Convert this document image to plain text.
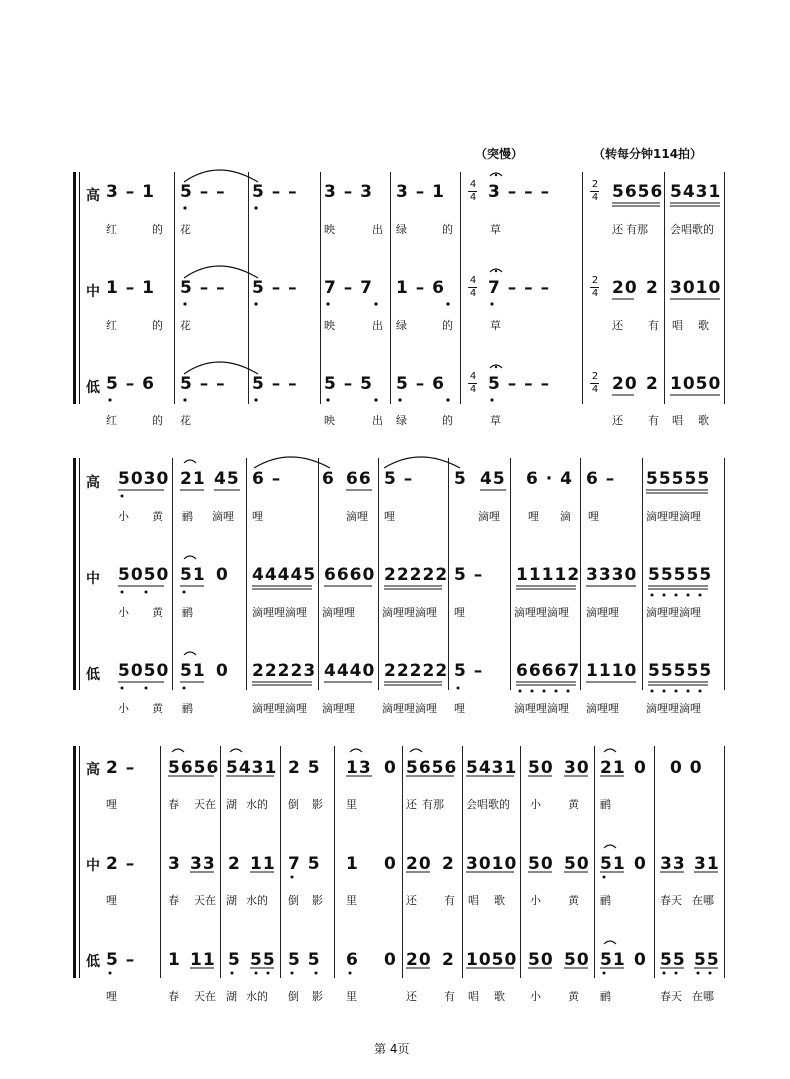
（突慢）	（转每分钟114拍）
高 3 – 1 5 – – 5 – – 3 – 3 3 – 1 4
4 3 – – –	2
4 5656 5431
红	的 花	映	出 绿	的	草	还 有那 会唱歌的
中 1 – 1 5 – – 5 – – 7 – 7 1 – 6 4
4 7 – – –	2
4 20 2 3010
红	的 花	映	出 绿	的	草	还 有 唱 歌
低 5 – 6 5 – – 5 – – 5 – 5 5 – 6 4
4 5 – – –	2
4 20 2 1050
红	的 花	映	出 绿	的	草	还 有 唱 歌
高 5030 21 45 6 – 6 66 5 – 5 45 6 · 4 6 – 55555
小 黄 鹂 滴哩 哩	滴哩 哩	滴哩	哩 滴 哩	滴哩哩滴哩
中 5050 51 0 44445 6660 22222 5 – 11112 3330 55555
小 黄 鹂	滴哩哩滴哩 滴哩哩 滴哩哩滴哩 哩	滴哩哩滴哩 滴哩哩 滴哩哩滴哩
低 5050 51 0 22223 4440 22222 5 – 66667 1110 55555
小 黄 鹂	滴哩哩滴哩 滴哩哩 滴哩哩滴哩 哩	滴哩哩滴哩 滴哩哩 滴哩哩滴哩
高 2 – 5656 5431 2 5 13 0 5656 5431 50 30 21 0 0 0
哩	春 天在 湖 水的 倒 影 里	还 有那 会唱歌的 小 黄 鹂
中 2 – 3 33 2 11 7 5 1 0 20 2 3010 50 50 51 0 33 31
哩	春 天在 湖 水的 倒 影 里	还 有 唱 歌 小 黄 鹂	春天 在哪
低 5 – 1 11 5 55 5 5 6 0 20 2 1050 50 50 51 0 55 55
哩	春 天在 湖 水的 倒 影 里	还 有 唱 歌 小 黄 鹂	春天 在哪
第 4页
